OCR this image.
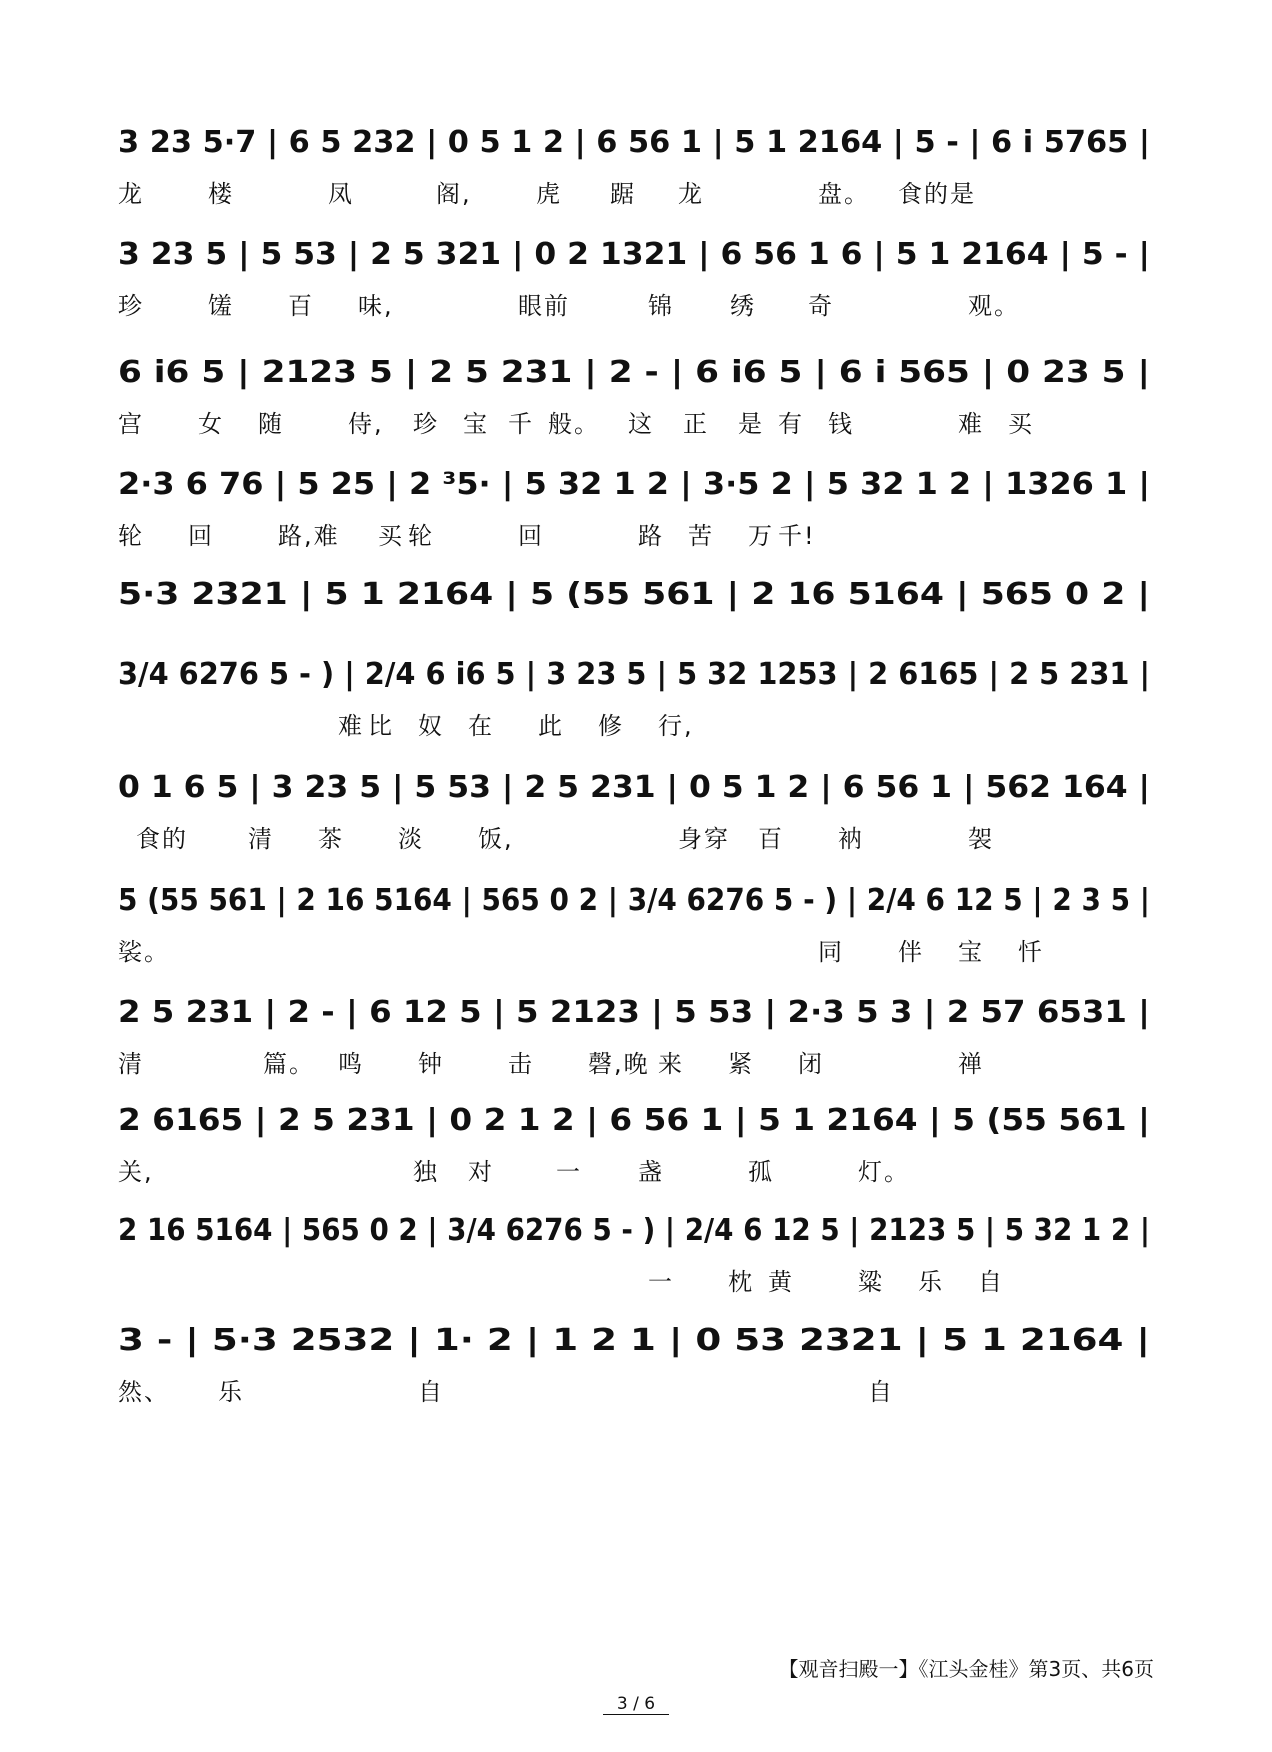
3 23 5·7 | 6 5 232 | 0 5 1 2 | 6 56 1 | 5 1 2164 | 5 - | 6 i 5765 |
龙	楼	凤	阁,	虎 踞 龙	盘。 食的是
3 23 5 | 5 53 | 2 5 321 | 0 2 1321 | 6 56 1 6 | 5 1 2164 | 5 - |
珍	馐 百 味,	眼前	锦 绣 奇	观。
6 i6 5 | 2123 5 | 2 5 231 | 2 - | 6 i6 5 | 6 i 565 | 0 23 5 |
宫 女 随	侍, 珍 宝 千 般。 这 正 是 有 钱	难 买
2·3 6 76 | 5 25 | 2 ³5· | 5 32 1 2 | 3·5 2 | 5 32 1 2 | 1326 1 |
轮 回	路,难 买 轮	回	路 苦 万 千!
5·3 2321 | 5 1 2164 | 5 (55 561 | 2 16 5164 | 565 0 2 |
3/4 6276 5 - ) | 2/4 6 i6 5 | 3 23 5 | 5 32 1253 | 2 6165 | 2 5 231 |
难 比 奴 在 此 修 行,
0 1 6 5 | 3 23 5 | 5 53 | 2 5 231 | 0 5 1 2 | 6 56 1 | 562 164 |
食的	清 茶 淡 饭,	身穿 百 衲	袈
5 (55 561 | 2 16 5164 | 565 0 2 | 3/4 6276 5 - ) | 2/4 6 12 5 | 2 3 5 |
裟。	同 伴 宝 忏
2 5 231 | 2 - | 6 12 5 | 5 2123 | 5 53 | 2·3 5 3 | 2 57 6531 |
清	篇。 鸣 钟	击 磬,晚 来 紧 闭	禅
2 6165 | 2 5 231 | 0 2 1 2 | 6 56 1 | 5 1 2164 | 5 (55 561 |
关,	独 对	一 盏	孤	灯。
2 16 5164 | 565 0 2 | 3/4 6276 5 - ) | 2/4 6 12 5 | 2123 5 | 5 32 1 2 |
一 枕 黄	粱 乐 自
3 - | 5·3 2532 | 1· 2 | 1 2 1 | 0 53 2321 | 5 1 2164 |
然、 乐	自	自
【观音扫殿一】《江头金桂》第3页、共6页
3 / 6
